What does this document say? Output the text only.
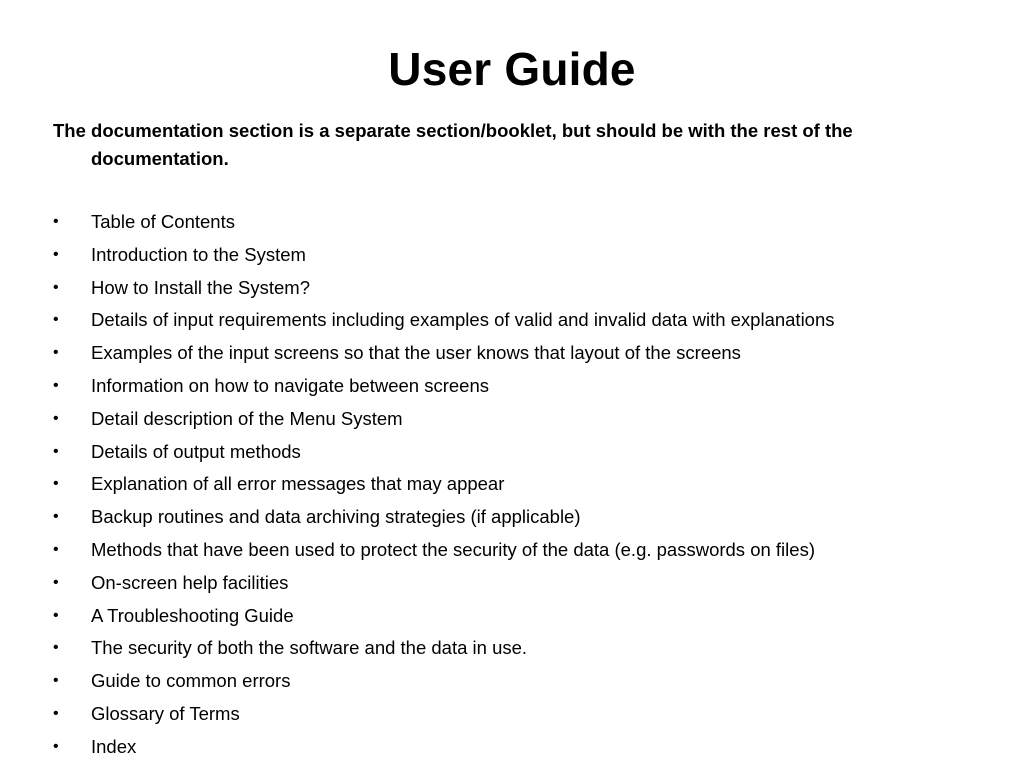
User Guide
The documentation section is a separate section/booklet, but should be with the rest of the documentation.
•	Table of Contents
•	Introduction to the System
•	How to Install the System?
•	Details of input requirements including examples of valid and invalid data with explanations
•	Examples of the input screens so that the user knows that layout of the screens
•	Information on how to navigate between screens
•	Detail description of the Menu System
•	Details of output methods
•	Explanation of all error messages that may appear
•	Backup routines and data archiving strategies (if applicable)
•	Methods that have been used to protect the security of the data (e.g. passwords on files)
•	On-screen help facilities
•	A Troubleshooting Guide
•	The security of both the software and the data in use.
•	Guide to common errors
•	Glossary of Terms
•	Index
